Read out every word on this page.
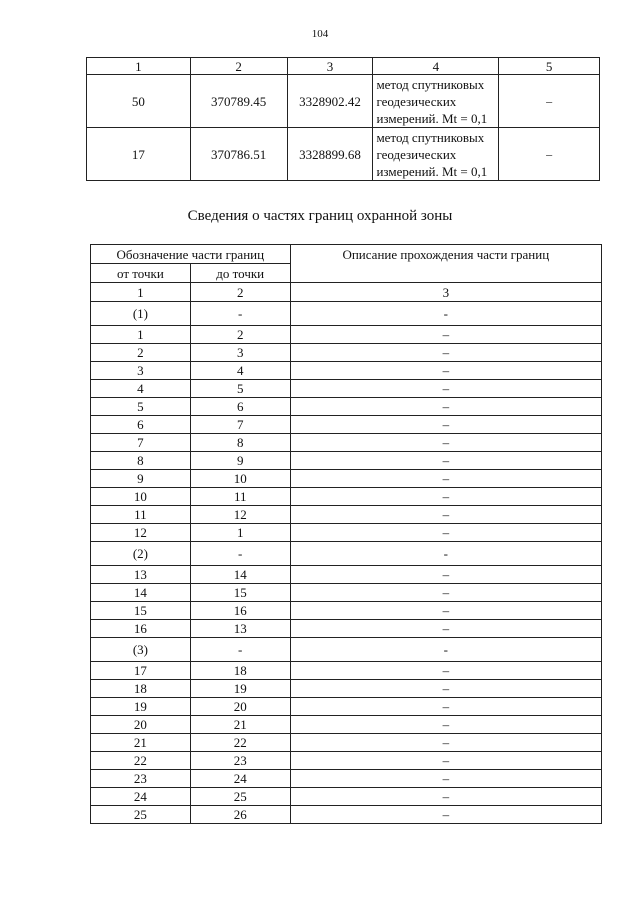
104
1	2	3	4	5
50	370789.45	3328902.42	метод спутниковых
геодезических
измерений. Mt = 0,1	–
17	370786.51	3328899.68	метод спутниковых
геодезических
измерений. Mt = 0,1	–
Сведения о частях границ охранной зоны
Обозначение части границ		Описание прохождения части границ
от точки	до точки	
1	2	3
(1)	-	-
1	2	–
2	3	–
3	4	–
4	5	–
5	6	–
6	7	–
7	8	–
8	9	–
9	10	–
10	11	–
11	12	–
12	1	–
(2)	-	-
13	14	–
14	15	–
15	16	–
16	13	–
(3)	-	-
17	18	–
18	19	–
19	20	–
20	21	–
21	22	–
22	23	–
23	24	–
24	25	–
25	26	–
